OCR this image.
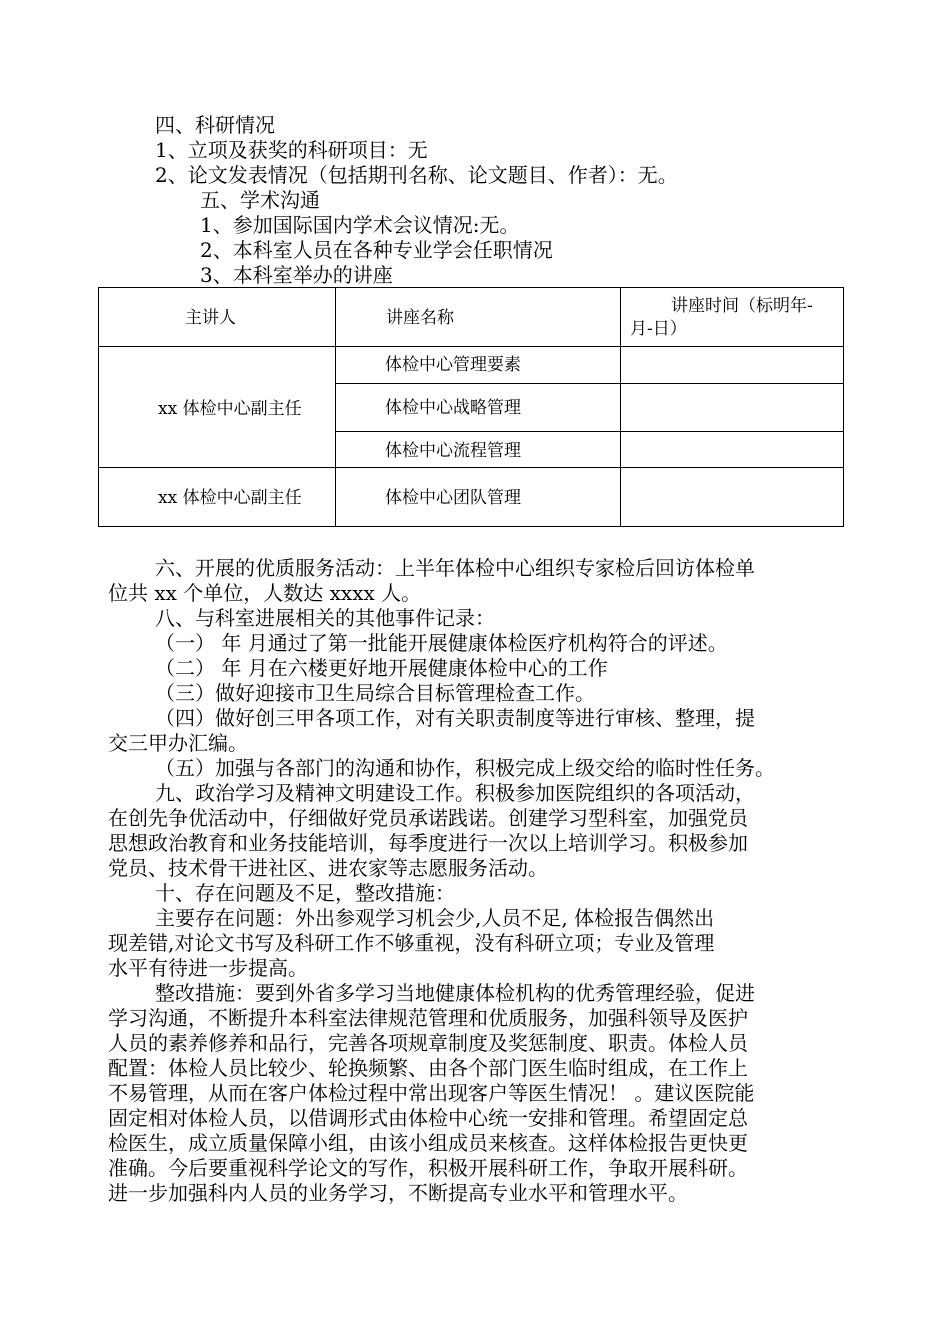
四、科研情况
1、立项及获奖的科研项目：无
2、论文发表情况（包括期刊名称、论文题目、作者）：无。
五、学术沟通
1、参加国际国内学术会议情况:无。
2、本科室人员在各种专业学会任职情况
3、本科室举办的讲座
主讲人	讲座名称
讲座时间（标明年-
月-日）
xx 体检中心副主任
体检中心管理要素
体检中心战略管理
体检中心流程管理
xx 体检中心副主任	体检中心团队管理
六、开展的优质服务活动：上半年体检中心组织专家检后回访体检单
位共 xx 个单位，人数达 xxxx 人。
八、与科室进展相关的其他事件记录：
（一） 年 月通过了第一批能开展健康体检医疗机构符合的评述。
（二） 年 月在六楼更好地开展健康体检中心的工作
（三）做好迎接市卫生局综合目标管理检查工作。
（四）做好创三甲各项工作，对有关职责制度等进行审核、整理，提
交三甲办汇编。
（五）加强与各部门的沟通和协作，积极完成上级交给的临时性任务。
九、政治学习及精神文明建设工作。积极参加医院组织的各项活动，
在创先争优活动中，仔细做好党员承诺践诺。创建学习型科室，加强党员
思想政治教育和业务技能培训，每季度进行一次以上培训学习。积极参加
党员、技术骨干进社区、进农家等志愿服务活动。
十、存在问题及不足，整改措施：
主要存在问题：外出参观学习机会少,人员不足, 体检报告偶然出
现差错,对论文书写及科研工作不够重视，没有科研立项；专业及管理
水平有待进一步提高。
整改措施：要到外省多学习当地健康体检机构的优秀管理经验，促进
学习沟通，不断提升本科室法律规范管理和优质服务，加强科领导及医护
人员的素养修养和品行，完善各项规章制度及奖惩制度、职责。体检人员
配置：体检人员比较少、轮换频繁、由各个部门医生临时组成，在工作上
不易管理，从而在客户体检过程中常出现客户等医生情况！ 。建议医院能
固定相对体检人员，以借调形式由体检中心统一安排和管理。希望固定总
检医生，成立质量保障小组，由该小组成员来核查。这样体检报告更快更
准确。今后要重视科学论文的写作，积极开展科研工作，争取开展科研。
进一步加强科内人员的业务学习，不断提高专业水平和管理水平。
